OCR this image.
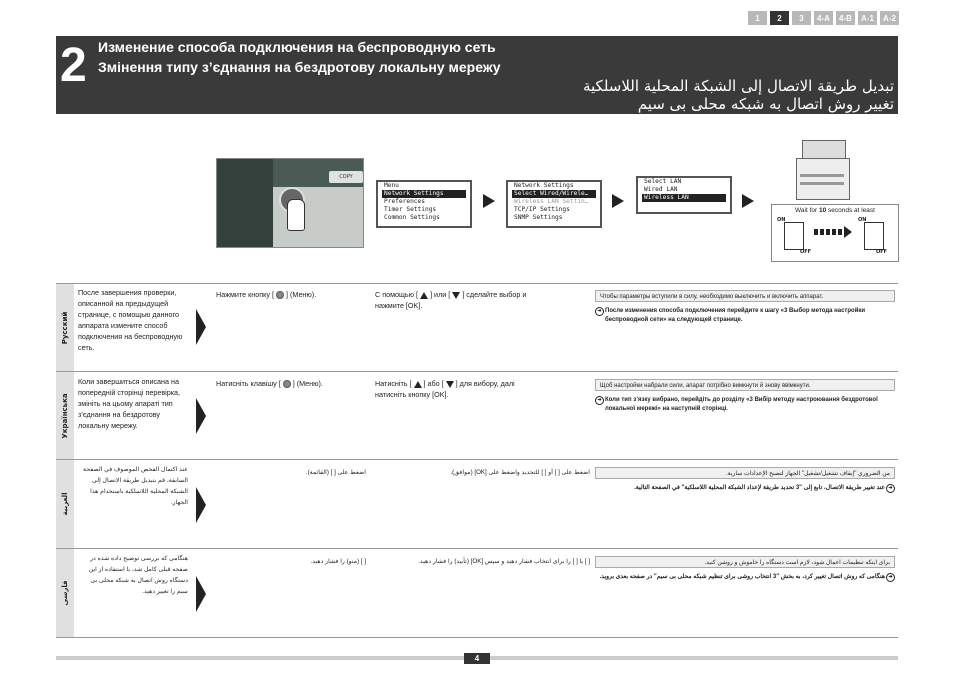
1	2	3	4-A	4-B	A-1	A-2
2 Изменение способа подключения на беспроводную сеть
Змінення типу з’єднання на бездротову локальну мережу
تبديل طريقة الاتصال إلى الشبكة المحلية اللاسلكية
تغییر روش اتصال به شبکه محلی بی سیم
COPY
Menu
Network Settings
Preferences
Timer Settings
Common Settings
Network Settings
Select Wired/Wirele…
Wireless LAN Settin…
TCP/IP Settings
SNMP Settings
Select LAN
Wired LAN
Wireless LAN
Wait for 10 seconds at least
ON
OFF
ON
OFF
Русский
После завершения проверки, описанной на предыдущей странице, с помощью данного аппарата измените способ подключения на беспроводную сеть.
Нажмите кнопку [ ] (Меню).	С помощью [ ] или [ ] сделайте выбор и нажмите [OK].
Чтобы параметры вступили в силу, необходимо выключить и включить аппарат.
➜ После изменения способа подключения перейдите к шагу «3 Выбор метода настройки беспроводной сети» на следующей странице.
Українська
Коли завершиться описана на попередній сторінці перевірка, змініть на цьому апараті тип з’єднання на бездротову локальну мережу.
Натисніть клавішу [ ] (Меню).	Натисніть [ ] або [ ] для вибору, далі натисніть кнопку [OK].
Щоб настройки набрали сили, апарат потрібно вимкнути й знову ввімкнути.
➜ Коли тип з’язку вибрано, перейдіть до розділу «3 Вибір методу настроювання бездротової локальної мережі» на наступній сторінці.
العربية
عند اكتمال الفحص الموصوف في الصفحة السابقة، قم بتبديل طريقة الاتصال إلى الشبكة المحلية اللاسلكية باستخدام هذا الجهاز.
اضغط على [ ] (القائمة).	اضغط على [ ] أو [ ] للتحديد واضغط على [OK] (موافق).	من الضروري "إيقاف تشغيل/تشغيل" الجهاز لتصبح الإعدادات سارية.
➜
عند تغيير طريقة الاتصال، تابع إلى "3 تحديد طريقة لإعداد الشبكة المحلية اللاسلكية" في الصفحة التالية.
فارسی
هنگامی که بررسی توضیح داده شده در صفحه قبلی کامل شد، با استفاده از این دستگاه روش اتصال به شبکه محلی بی سیم را تغییر دهید.
[ ] (منو) را فشار دهید.	[ ] یا [ ] را برای انتخاب فشار دهید و سپس [OK] (تأیید) را فشار دهید.	برای اینکه تنظیمات اعمال شود، لازم است دستگاه را خاموش و روشن کنید.
➜
هنگامی که روش اتصال تغییر کرد، به بخش "3 انتخاب روشی برای تنظیم شبکه محلی بی سیم" در صفحه بعدی بروید.
4
